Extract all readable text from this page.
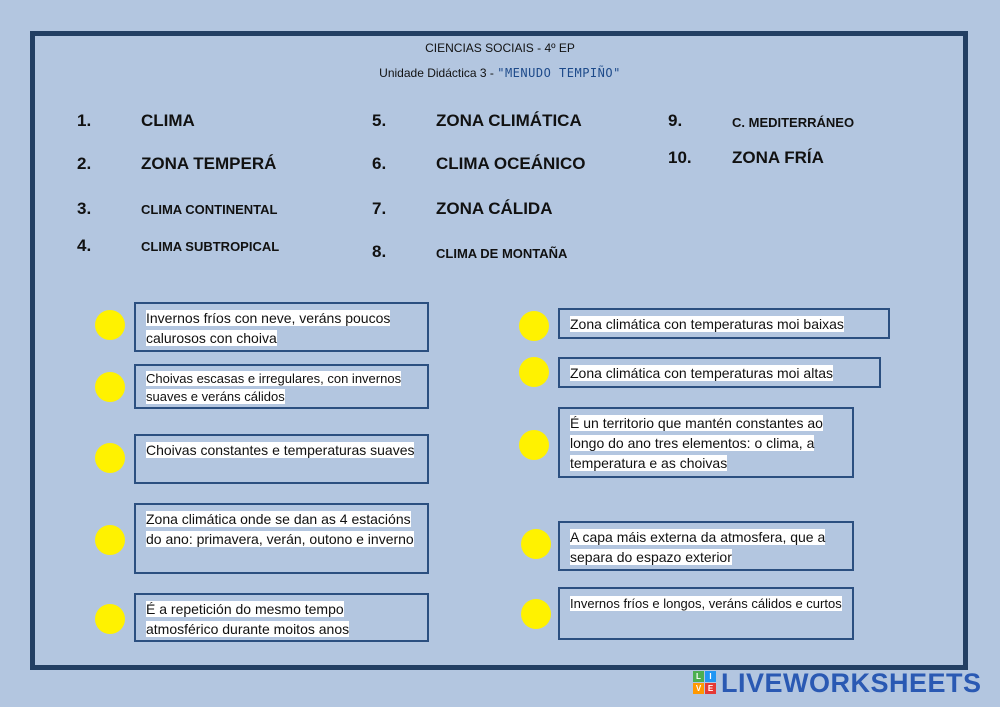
CIENCIAS SOCIAIS - 4º EP
Unidade Didáctica 3 - "MENUDO TEMPIÑO"
1.	CLIMA
2.	ZONA TEMPERÁ
3.	CLIMA CONTINENTAL
4.	CLIMA SUBTROPICAL
5.	ZONA CLIMÁTICA
6.	CLIMA OCEÁNICO
7.	ZONA CÁLIDA
8.	CLIMA DE MONTAÑA
9.	C. MEDITERRÁNEO
10. ZONA FRÍA
Invernos fríos con neve, veráns poucos calurosos con choiva
Choivas escasas e irregulares, con invernos suaves e veráns cálidos
Choivas constantes e temperaturas suaves
Zona climática onde se dan as 4 estacións do ano: primavera, verán, outono e inverno
É a repetición do mesmo tempo atmosférico durante moitos anos
Zona climática con temperaturas moi baixas
Zona climática con temperaturas moi altas
É un territorio que mantén constantes ao longo do ano tres elementos: o clima, a temperatura e as choivas
A capa máis externa da atmosfera, que a separa do espazo exterior
Invernos fríos e longos, veráns cálidos e curtos
L	I
V E LIVEWORKSHEETS
